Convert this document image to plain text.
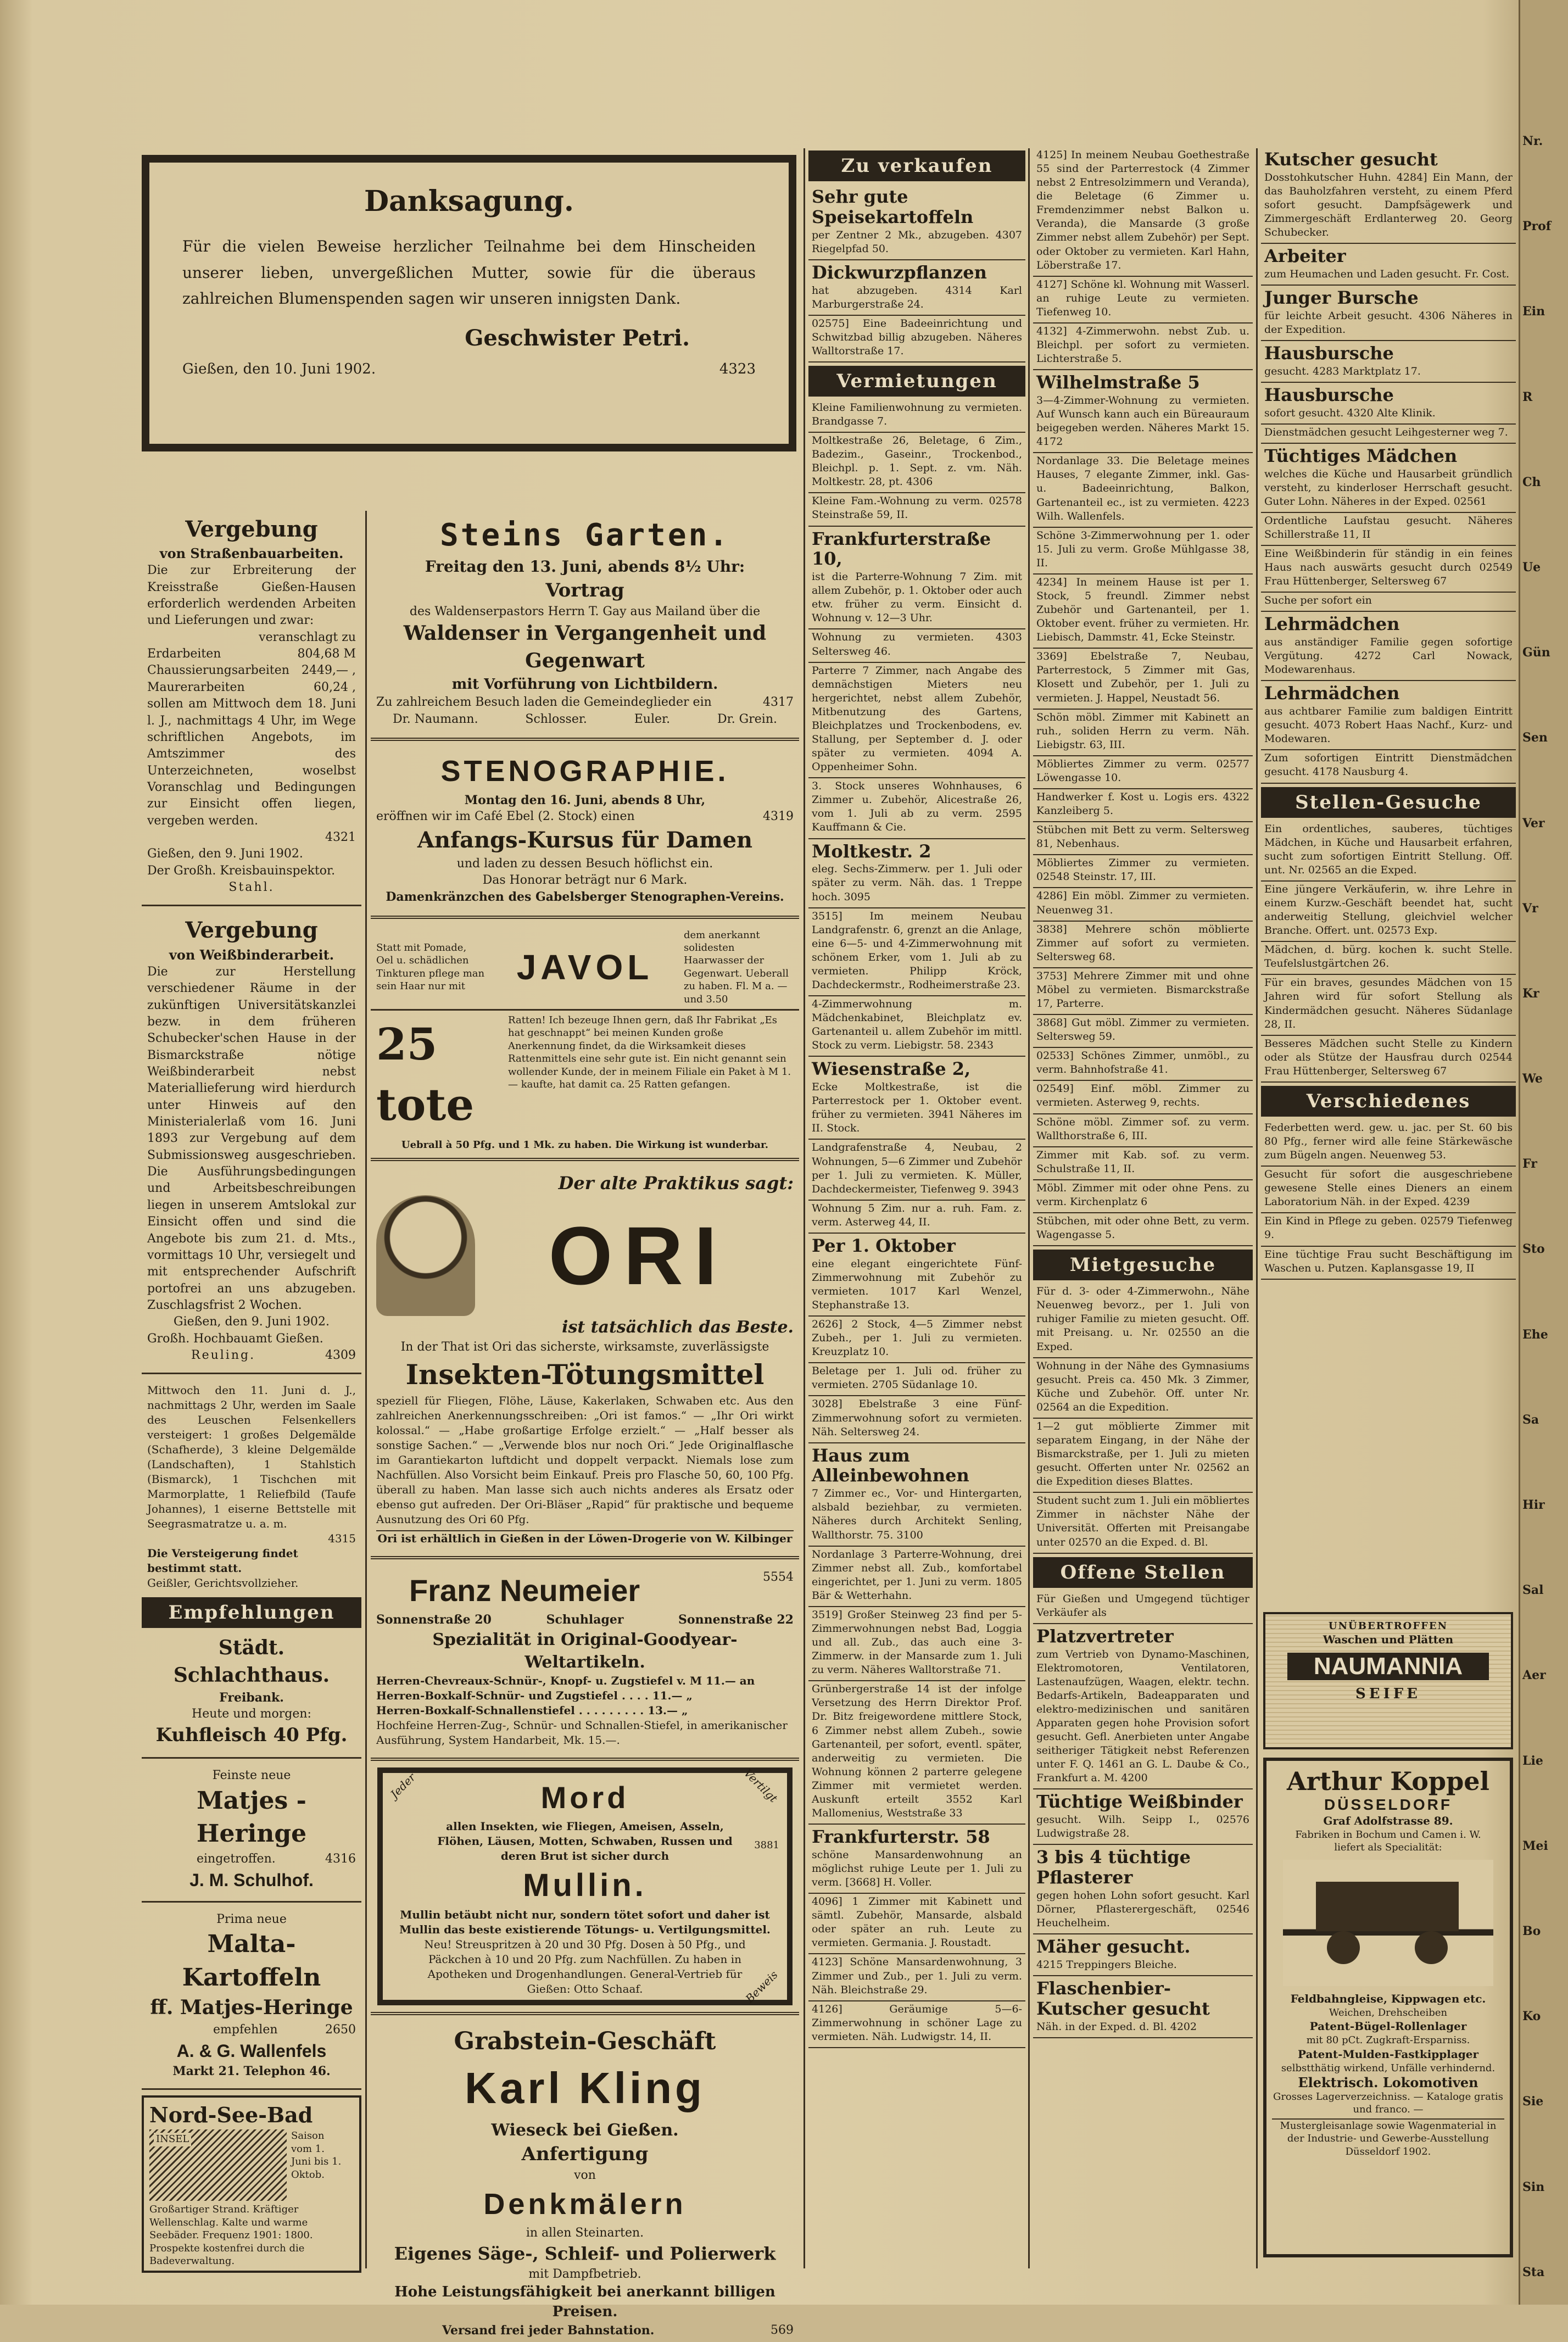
Danksagung.
Für die vielen Beweise herzlicher Teilnahme bei dem Hinscheiden unserer lieben, unvergeßlichen Mutter, sowie für die überaus zahlreichen Blumenspenden sagen wir unseren innigsten Dank.
Geschwister Petri.
Gießen, den 10. Juni 1902.	4323
Vergebung
von Straßenbauarbeiten.
Die zur Erbreiterung der Kreisstraße Gießen-Hausen erforderlich werdenden Arbeiten und Lieferungen und zwar:
veranschlagt zu
Erdarbeiten	804,68 M
Chaussierungsarbeiten 2449,— ,
Maurerarbeiten	60,24 ,
sollen am Mittwoch dem 18. Juni l. J., nachmittags 4 Uhr, im Wege schriftlichen Angebots, im Amtszimmer des Unterzeichneten, woselbst Voranschlag und Bedingungen zur Einsicht offen liegen, vergeben werden.
4321
Gießen, den 9. Juni 1902.
Der Großh. Kreisbauinspektor.
Stahl.
Vergebung
von Weißbinderarbeit.
Die zur Herstellung verschiedener Räume in der zukünftigen Universitätskanzlei bezw. in dem früheren Schubecker'schen Hause in der Bismarckstraße nötige Weißbinderarbeit nebst Materiallieferung wird hierdurch unter Hinweis auf den Ministerialerlaß vom 16. Juni 1893 zur Vergebung auf dem Submissionsweg ausgeschrieben. Die Ausführungsbedingungen und Arbeitsbeschreibungen liegen in unserem Amtslokal zur Einsicht offen und sind die Angebote bis zum 21. d. Mts., vormittags 10 Uhr, versiegelt und mit entsprechender Aufschrift portofrei an uns abzugeben. Zuschlagsfrist 2 Wochen.
Gießen, den 9. Juni 1902.
Großh. Hochbauamt Gießen.
Reuling.	4309
Mittwoch den 11. Juni d. J., nachmittags 2 Uhr, werden im Saale des Leuschen Felsenkellers versteigert: 1 großes Delgemälde (Schafherde), 3 kleine Delgemälde (Landschaften), 1 Stahlstich (Bismarck), 1 Tischchen mit Marmorplatte, 1 Reliefbild (Taufe Johannes), 1 eiserne Bettstelle mit Seegrasmatratze u. a. m.
4315
Die Versteigerung findet bestimmt statt.
Geißler, Gerichtsvollzieher.
Empfehlungen
Städt. Schlachthaus.
Freibank.
Heute und morgen:
Kuhfleisch 40 Pfg.
Feinste neue
Matjes - Heringe
eingetroffen.	4316
J. M. Schulhof.
Prima neue
Malta-Kartoffeln
ff. Matjes-Heringe
empfehlen	2650
A. & G. Wallenfels
Markt 21. Telephon 46.
Nord-See-Bad
INSEL	Saison vom 1. Juni bis 1. Oktob.
Großartiger Strand. Kräftiger Wellenschlag. Kalte und warme Seebäder. Frequenz 1901: 1800. Prospekte kostenfrei durch die Badeverwaltung.
Steins Garten.
Freitag den 13. Juni, abends 8½ Uhr:
Vortrag
des Waldenserpastors Herrn T. Gay aus Mailand über die
Waldenser in Vergangenheit und Gegenwart
mit Vorführung von Lichtbildern.
Zu zahlreichem Besuch laden die Gemeindeglieder ein	4317
Dr. Naumann.	Schlosser.	Euler.	Dr. Grein.
STENOGRAPHIE.
Montag den 16. Juni, abends 8 Uhr,
eröffnen wir im Café Ebel (2. Stock) einen	4319
Anfangs-Kursus für Damen
und laden zu dessen Besuch höflichst ein.
Das Honorar beträgt nur 6 Mark.
Damenkränzchen des Gabelsberger Stenographen-Vereins.
Statt mit Pomade, Oel u. schädlichen Tinkturen pflege man sein Haar nur mit	JAVOL
dem anerkannt solidesten Haarwasser der Gegenwart. Ueberall zu haben. Fl. M a. — und 3.50
25 tote
Ratten! Ich bezeuge Ihnen gern, daß Ihr Fabrikat „Es hat geschnappt“ bei meinen Kunden große Anerkennung findet, da die Wirksamkeit dieses Rattenmittels eine sehr gute ist. Ein nicht genannt sein wollender Kunde, der in meinem Filiale ein Paket à M 1.— kaufte, hat damit ca. 25 Ratten gefangen.
Uebrall à 50 Pfg. und 1 Mk. zu haben. Die Wirkung ist wunderbar.
Der alte Praktikus sagt:
ORI
ist tatsächlich das Beste.
In der That ist Ori das sicherste, wirksamste, zuverlässigste
Insekten-Tötungsmittel
speziell für Fliegen, Flöhe, Läuse, Kakerlaken, Schwaben etc. Aus den zahlreichen Anerkennungsschreiben: „Ori ist famos.“ — „Ihr Ori wirkt kolossal.“ — „Habe großartige Erfolge erzielt.“ — „Half besser als sonstige Sachen.“ — „Verwende blos nur noch Ori.“ Jede Originalflasche im Garantiekarton luftdicht und doppelt verpackt. Niemals lose zum Nachfüllen. Also Vorsicht beim Einkauf. Preis pro Flasche 50, 60, 100 Pfg. überall zu haben. Man lasse sich auch nichts anderes als Ersatz oder ebenso gut aufreden. Der Ori-Bläser „Rapid“ für praktische und bequeme Ausnutzung des Ori 60 Pfg.
Ori ist erhältlich in Gießen in der Löwen-Drogerie von W. Kilbinger
Franz Neumeier	5554
Sonnenstraße 20	Schuhlager	Sonnenstraße 22
Spezialität in Original-Goodyear-Weltartikeln.
Herren-Chevreaux-Schnür-, Knopf- u. Zugstiefel v. M 11.— an
Herren-Boxkalf-Schnür- und Zugstiefel . . . . 11.— „
Herren-Boxkalf-Schnallenstiefel . . . . . . . . . 13.— „
Hochfeine Herren-Zug-, Schnür- und Schnallen-Stiefel, in amerikanischer Ausführung, System Handarbeit, Mk. 15.—.
Jeder	Vertilgt
Mord
allen Insekten, wie Fliegen, Ameisen, Asseln, Flöhen, Läusen, Motten, Schwaben, Russen und deren Brut ist sicher durch
Mullin.
Mullin betäubt nicht nur, sondern tötet sofort und daher ist Mullin das beste existierende Tötungs- u. Vertilgungsmittel.
Neu! Streuspritzen à 20 und 30 Pfg. Dosen à 50 Pfg., und Päckchen à 10 und 20 Pfg. zum Nachfüllen. Zu haben in Apotheken und Drogenhandlungen. General-Vertrieb für Gießen: Otto Schaaf.	Beweis
3881
Grabstein-Geschäft
Karl Kling
Wieseck bei Gießen.
Anfertigung
von
Denkmälern
in allen Steinarten.
Eigenes Säge-, Schleif- und Polierwerk
mit Dampfbetrieb.
Hohe Leistungsfähigkeit bei anerkannt billigen Preisen.
Versand frei jeder Bahnstation.	569
Zu verkaufen
Sehr gute Speisekartoffeln
per Zentner 2 Mk., abzugeben. 4307 Riegelpfad 50.
Dickwurzpflanzen
hat abzugeben. 4314 Karl Marburgerstraße 24.
02575] Eine Badeeinrichtung und Schwitzbad billig abzugeben. Näheres Walltorstraße 17.
Vermietungen
Kleine Familienwohnung zu vermieten. Brandgasse 7.
Moltkestraße 26, Beletage, 6 Zim., Badezim., Gaseinr., Trockenbod., Bleichpl. p. 1. Sept. z. vm. Näh. Moltkestr. 28, pt. 4306
Kleine Fam.-Wohnung zu verm. 02578 Steinstraße 59, II.
Frankfurterstraße 10,
ist die Parterre-Wohnung 7 Zim. mit allem Zubehör, p. 1. Oktober oder auch etw. früher zu verm. Einsicht d. Wohnung v. 12—3 Uhr.
Wohnung zu vermieten. 4303 Seltersweg 46.
Parterre 7 Zimmer, nach Angabe des demnächstigen Mieters neu hergerichtet, nebst allem Zubehör, Mitbenutzung des Gartens, Bleichplatzes und Trockenbodens, ev. Stallung, per September d. J. oder später zu vermieten. 4094 A. Oppenheimer Sohn.
3. Stock unseres Wohnhauses, 6 Zimmer u. Zubehör, Alicestraße 26, vom 1. Juli ab zu verm. 2595 Kauffmann & Cie.
Moltkestr. 2
eleg. Sechs-Zimmerw. per 1. Juli oder später zu verm. Näh. das. 1 Treppe hoch. 3095
3515] Im meinem Neubau Landgrafenstr. 6, grenzt an die Anlage, eine 6—5- und 4-Zimmerwohnung mit schönem Erker, vom 1. Juli ab zu vermieten. Philipp Kröck, Dachdeckermstr., Rodheimerstraße 23.
4-Zimmerwohnung m. Mädchenkabinet, Bleichplatz ev. Gartenanteil u. allem Zubehör im mittl. Stock zu verm. Liebigstr. 58. 2343
Wiesenstraße 2,
Ecke Moltkestraße, ist die Parterrestock per 1. Oktober event. früher zu vermieten. 3941 Näheres im II. Stock.
Landgrafenstraße 4, Neubau, 2 Wohnungen, 5—6 Zimmer und Zubehör per 1. Juli zu vermieten. K. Müller, Dachdeckermeister, Tiefenweg 9. 3943
Wohnung 5 Zim. nur a. ruh. Fam. z. verm. Asterweg 44, II.
Per 1. Oktober
eine elegant eingerichtete Fünf-Zimmerwohnung mit Zubehör zu vermieten. 1017 Karl Wenzel, Stephanstraße 13.
2626] 2 Stock, 4—5 Zimmer nebst Zubeh., per 1. Juli zu vermieten. Kreuzplatz 10.
Beletage per 1. Juli od. früher zu vermieten. 2705 Südanlage 10.
3028] Ebelstraße 3 eine Fünf-Zimmerwohnung sofort zu vermieten. Näh. Seltersweg 24.
Haus zum Alleinbewohnen
7 Zimmer ec., Vor- und Hintergarten, alsbald beziehbar, zu vermieten. Näheres durch Architekt Senling, Wallthorstr. 75. 3100
Nordanlage 3 Parterre-Wohnung, drei Zimmer nebst all. Zub., komfortabel eingerichtet, per 1. Juni zu verm. 1805 Bär & Wetterhahn.
3519] Großer Steinweg 23 find per 5-Zimmerwohnungen nebst Bad, Loggia und all. Zub., das auch eine 3-Zimmerw. in der Mansarde zum 1. Juli zu verm. Näheres Walltorstraße 71.
Grünbergerstraße 14 ist der infolge Versetzung des Herrn Direktor Prof. Dr. Bitz freigewordene mittlere Stock, 6 Zimmer nebst allem Zubeh., sowie Gartenanteil, per sofort, eventl. später, anderweitig zu vermieten. Die Wohnung können 2 parterre gelegene Zimmer mit vermietet werden. Auskunft erteilt 3552 Karl Mallomenius, Weststraße 33
Frankfurterstr. 58
schöne Mansardenwohnung an möglichst ruhige Leute per 1. Juli zu verm. [3668] H. Voller.
4096] 1 Zimmer mit Kabinett und sämtl. Zubehör, Mansarde, alsbald oder später an ruh. Leute zu vermieten. Germania. J. Roustadt.
4123] Schöne Mansardenwohnung, 3 Zimmer und Zub., per 1. Juli zu verm. Näh. Bleichstraße 29.
4126] Geräumige 5—6-Zimmerwohnung in schöner Lage zu vermieten. Näh. Ludwigstr. 14, II.
4125] In meinem Neubau Goethestraße 55 sind der Parterrestock (4 Zimmer nebst 2 Entresolzimmern und Veranda), die Beletage (6 Zimmer u. Fremdenzimmer nebst Balkon u. Veranda), die Mansarde (3 große Zimmer nebst allem Zubehör) per Sept. oder Oktober zu vermieten. Karl Hahn, Löberstraße 17.
4127] Schöne kl. Wohnung mit Wasserl. an ruhige Leute zu vermieten. Tiefenweg 10.
4132] 4-Zimmerwohn. nebst Zub. u. Bleichpl. per sofort zu vermieten. Lichterstraße 5.
Wilhelmstraße 5
3—4-Zimmer-Wohnung zu vermieten. Auf Wunsch kann auch ein Büreauraum beigegeben werden. Näheres Markt 15. 4172
Nordanlage 33. Die Beletage meines Hauses, 7 elegante Zimmer, inkl. Gas- u. Badeeinrichtung, Balkon, Gartenanteil ec., ist zu vermieten. 4223 Wilh. Wallenfels.
Schöne 3-Zimmerwohnung per 1. oder 15. Juli zu verm. Große Mühlgasse 38, II.
4234] In meinem Hause ist per 1. Stock, 5 freundl. Zimmer nebst Zubehör und Gartenanteil, per 1. Oktober event. früher zu vermieten. Hr. Liebisch, Dammstr. 41, Ecke Steinstr.
3369] Ebelstraße 7, Neubau, Parterrestock, 5 Zimmer mit Gas, Klosett und Zubehör, per 1. Juli zu vermieten. J. Happel, Neustadt 56.
Schön möbl. Zimmer mit Kabinett an ruh., soliden Herrn zu verm. Näh. Liebigstr. 63, III.
Möbliertes Zimmer zu verm. 02577 Löwengasse 10.
Handwerker f. Kost u. Logis ers. 4322 Kanzleiberg 5.
Stübchen mit Bett zu verm. Seltersweg 81, Nebenhaus.
Möbliertes Zimmer zu vermieten. 02548 Steinstr. 17, III.
4286] Ein möbl. Zimmer zu vermieten. Neuenweg 31.
3838] Mehrere schön möblierte Zimmer auf sofort zu vermieten. Seltersweg 68.
3753] Mehrere Zimmer mit und ohne Möbel zu vermieten. Bismarckstraße 17, Parterre.
3868] Gut möbl. Zimmer zu vermieten. Seltersweg 59.
02533] Schönes Zimmer, unmöbl., zu verm. Bahnhofstraße 41.
02549] Einf. möbl. Zimmer zu vermieten. Asterweg 9, rechts.
Schöne möbl. Zimmer sof. zu verm. Wallthorstraße 6, III.
Zimmer mit Kab. sof. zu verm. Schulstraße 11, II.
Möbl. Zimmer mit oder ohne Pens. zu verm. Kirchenplatz 6
Stübchen, mit oder ohne Bett, zu verm. Wagengasse 5.
Mietgesuche
Für d. 3- oder 4-Zimmerwohn., Nähe Neuenweg bevorz., per 1. Juli von ruhiger Familie zu mieten gesucht. Off. mit Preisang. u. Nr. 02550 an die Exped.
Wohnung in der Nähe des Gymnasiums gesucht. Preis ca. 450 Mk. 3 Zimmer, Küche und Zubehör. Off. unter Nr. 02564 an die Expedition.
1—2 gut möblierte Zimmer mit separatem Eingang, in der Nähe der Bismarckstraße, per 1. Juli zu mieten gesucht. Offerten unter Nr. 02562 an die Expedition dieses Blattes.
Student sucht zum 1. Juli ein möbliertes Zimmer in nächster Nähe der Universität. Offerten mit Preisangabe unter 02570 an die Exped. d. Bl.
Offene Stellen
Für Gießen und Umgegend tüchtiger Verkäufer als
Platzvertreter
zum Vertrieb von Dynamo-Maschinen, Elektromotoren, Ventilatoren, Lastenaufzügen, Waagen, elektr. techn. Bedarfs-Artikeln, Badeapparaten und elektro-medizinischen und sanitären Apparaten gegen hohe Provision sofort gesucht. Gefl. Anerbieten unter Angabe seitheriger Tätigkeit nebst Referenzen unter F. Q. 1461 an G. L. Daube & Co., Frankfurt a. M. 4200
Tüchtige Weißbinder
gesucht. Wilh. Seipp I., 02576 Ludwigstraße 28.
3 bis 4 tüchtige Pflasterer
gegen hohen Lohn sofort gesucht. Karl Dörner, Pflasterergeschäft, 02546 Heuchelheim.
Mäher gesucht.
4215 Treppingers Bleiche.
Flaschenbier-Kutscher gesucht
Näh. in der Exped. d. Bl. 4202
Kutscher gesucht
Dosstohkutscher Huhn. 4284] Ein Mann, der das Bauholzfahren versteht, zu einem Pferd sofort gesucht. Dampfsägewerk und Zimmergeschäft Erdlanterweg 20. Georg Schubecker.
Arbeiter
zum Heumachen und Laden gesucht. Fr. Cost.
Junger Bursche
für leichte Arbeit gesucht. 4306 Näheres in der Expedition.
Hausbursche
gesucht. 4283 Marktplatz 17.
Hausbursche
sofort gesucht. 4320 Alte Klinik.
Dienstmädchen gesucht Leihgesterner weg 7.
Tüchtiges Mädchen
welches die Küche und Hausarbeit gründlich versteht, zu kinderloser Herrschaft gesucht. Guter Lohn. Näheres in der Exped. 02561
Ordentliche Laufstau gesucht. Näheres Schillerstraße 11, II
Eine Weißbinderin für ständig in ein feines Haus nach auswärts gesucht durch 02549 Frau Hüttenberger, Seltersweg 67
Suche per sofort ein
Lehrmädchen
aus anständiger Familie gegen sofortige Vergütung. 4272 Carl Nowack, Modewarenhaus.
Lehrmädchen
aus achtbarer Familie zum baldigen Eintritt gesucht. 4073 Robert Haas Nachf., Kurz- und Modewaren.
Zum sofortigen Eintritt Dienstmädchen gesucht. 4178 Nausburg 4.
Stellen-Gesuche
Ein ordentliches, sauberes, tüchtiges Mädchen, in Küche und Hausarbeit erfahren, sucht zum sofortigen Eintritt Stellung. Off. unt. Nr. 02565 an die Exped.
Eine jüngere Verkäuferin, w. ihre Lehre in einem Kurzw.-Geschäft beendet hat, sucht anderweitig Stellung, gleichviel welcher Branche. Offert. unt. 02573 Exp.
Mädchen, d. bürg. kochen k. sucht Stelle. Teufelslustgärtchen 26.
Für ein braves, gesundes Mädchen von 15 Jahren wird für sofort Stellung als Kindermädchen gesucht. Näheres Südanlage 28, II.
Besseres Mädchen sucht Stelle zu Kindern oder als Stütze der Hausfrau durch 02544 Frau Hüttenberger, Seltersweg 67
Verschiedenes
Federbetten werd. gew. u. jac. per St. 60 bis 80 Pfg., ferner wird alle feine Stärkewäsche zum Bügeln angen. Neuenweg 53.
Gesucht für sofort die ausgeschriebene gewesene Stelle eines Dieners an einem Laboratorium Näh. in der Exped. 4239
Ein Kind in Pflege zu geben. 02579 Tiefenweg 9.
Eine tüchtige Frau sucht Beschäftigung im Waschen u. Putzen. Kaplansgasse 19, II
UNÜBERTROFFEN
Waschen und Plätten
NAUMANNIA
SEIFE
Arthur Koppel
DÜSSELDORF
Graf Adolfstrasse 89.
Fabriken in Bochum und Camen i. W.
liefert als Specialität:
Feldbahngleise, Kippwagen etc.
Weichen, Drehscheiben
Patent-Bügel-Rollenlager
mit 80 pCt. Zugkraft-Ersparniss.
Patent-Mulden-Fastkipplager
selbstthätig wirkend, Unfälle verhindernd.
Elektrisch. Lokomotiven
Grosses Lagerverzeichniss. — Kataloge gratis und franco. —
Mustergleisanlage sowie Wagenmaterial in der Industrie- und Gewerbe-Ausstellung Düsseldorf 1902.
Nr.
Prof
Ein
R
Ch
Ue
Gün
Sen
Ver
Vr
Kr
We
Fr
Sto
Ehe
Sa
Hir
Sal
Aer
Lie
Mei
Bo
Ko
Sie
Sin
Sta
